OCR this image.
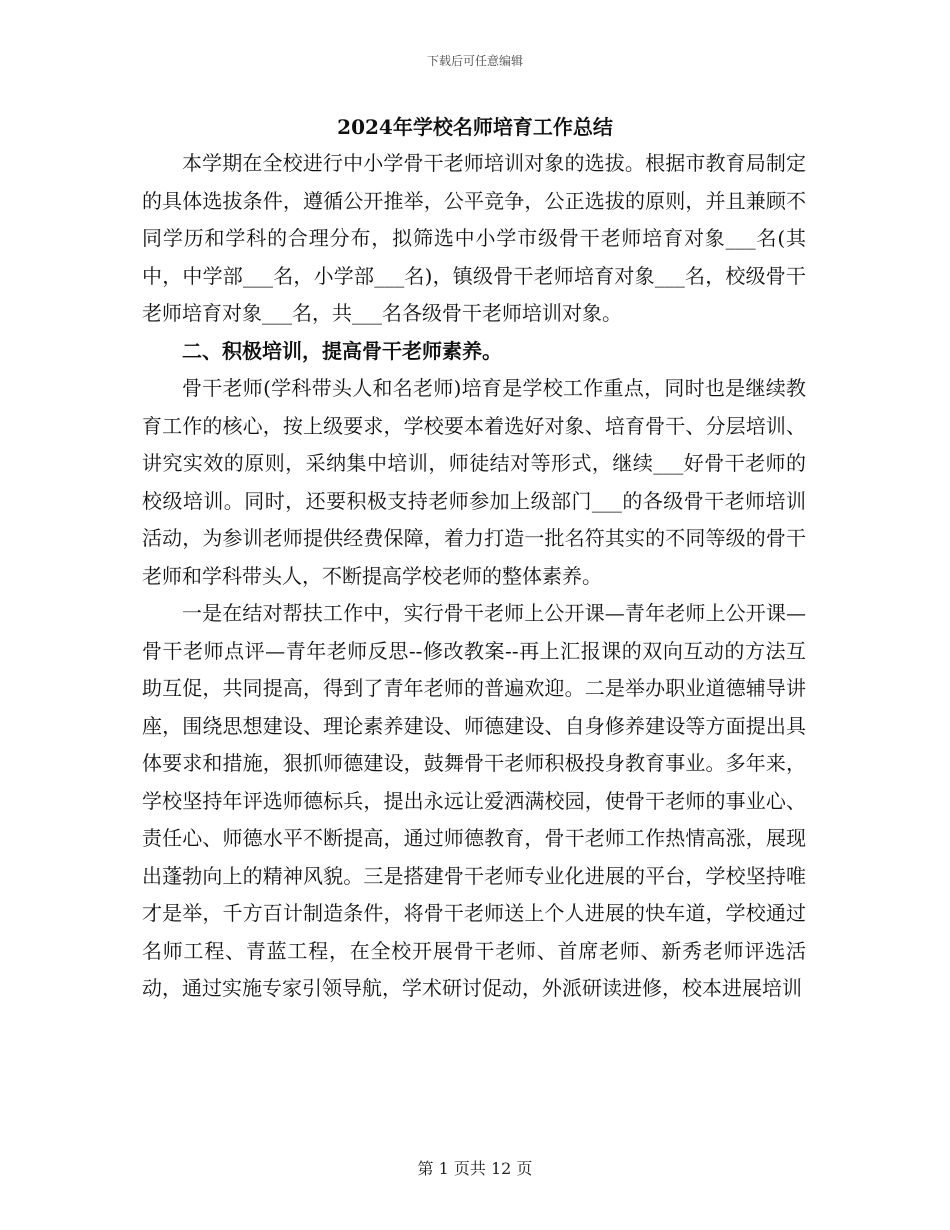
下载后可任意编辑
2024年学校名师培育工作总结

本学期在全校进行中小学骨干老师培训对象的选拔。根据市教育局制定的具体选拔条件，遵循公开推举，公平竞争，公正选拔的原则，并且兼顾不同学历和学科的合理分布，拟筛选中小学市级骨干老师培育对象___名(其中，中学部___名，小学部___名)，镇级骨干老师培育对象___名，校级骨干老师培育对象___名，共___名各级骨干老师培训对象。

二、积极培训，提高骨干老师素养。

骨干老师(学科带头人和名老师)培育是学校工作重点，同时也是继续教育工作的核心，按上级要求，学校要本着选好对象、培育骨干、分层培训、讲究实效的原则，采纳集中培训，师徒结对等形式，继续___好骨干老师的校级培训。同时，还要积极支持老师参加上级部门___的各级骨干老师培训活动，为参训老师提供经费保障，着力打造一批名符其实的不同等级的骨干老师和学科带头人，不断提高学校老师的整体素养。

一是在结对帮扶工作中，实行骨干老师上公开课—青年老师上公开课—骨干老师点评—青年老师反思--修改教案--再上汇报课的双向互动的方法互助互促，共同提高，得到了青年老师的普遍欢迎。二是举办职业道德辅导讲座，围绕思想建设、理论素养建设、师德建设、自身修养建设等方面提出具体要求和措施，狠抓师德建设，鼓舞骨干老师积极投身教育事业。多年来，学校坚持年评选师德标兵，提出永远让爱洒满校园，使骨干老师的事业心、责任心、师德水平不断提高，通过师德教育，骨干老师工作热情高涨，展现出蓬勃向上的精神风貌。三是搭建骨干老师专业化进展的平台，学校坚持唯才是举，千方百计制造条件，将骨干老师送上个人进展的快车道，学校通过名师工程、青蓝工程，在全校开展骨干老师、首席老师、新秀老师评选活动，通过实施专家引领导航，学术研讨促动，外派研读进修，校本进展培训

第 1 页共 12 页
